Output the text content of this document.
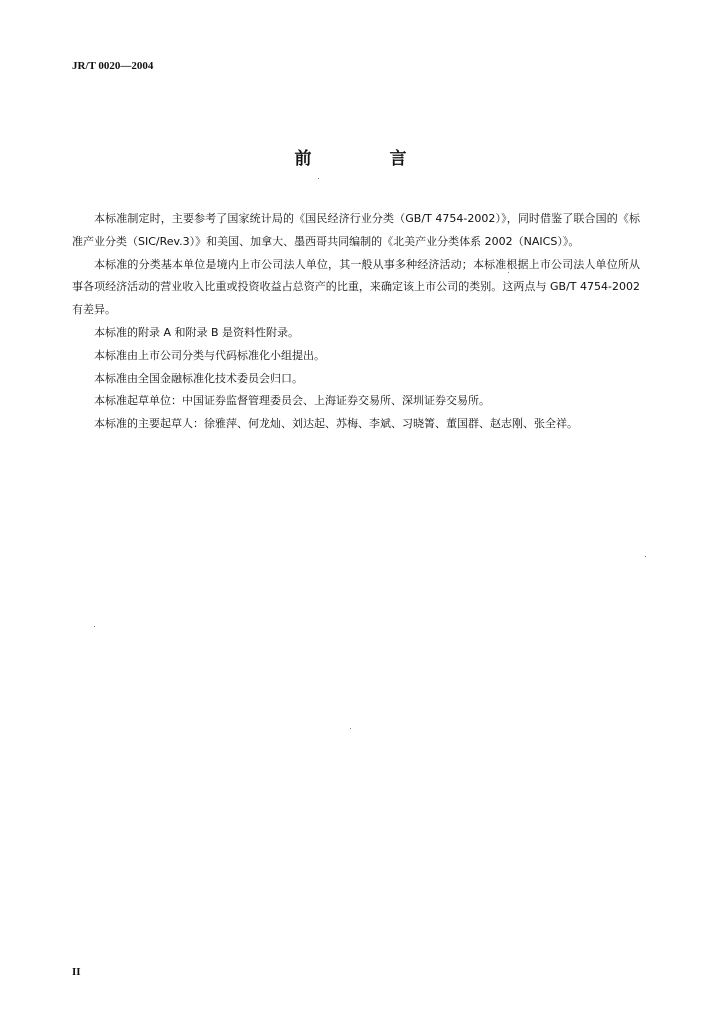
JR/T 0020—2004
前 言

本标准制定时，主要参考了国家统计局的《国民经济行业分类（GB/T 4754-2002）》，同时借鉴了联合国的《标准产业分类（SIC/Rev.3）》和美国、加拿大、墨西哥共同编制的《北美产业分类体系 2002（NAICS）》。

本标准的分类基本单位是境内上市公司法人单位，其一般从事多种经济活动；本标准根据上市公司法人单位所从事各项经济活动的营业收入比重或投资收益占总资产的比重，来确定该上市公司的类别。这两点与 GB/T 4754-2002 有差异。

本标准的附录 A 和附录 B 是资料性附录。

本标准由上市公司分类与代码标准化小组提出。

本标准由全国金融标准化技术委员会归口。

本标准起草单位：中国证券监督管理委员会、上海证券交易所、深圳证券交易所。

本标准的主要起草人：徐雅萍、何龙灿、刘达起、苏梅、李斌、习晓箐、董国群、赵志刚、张全祥。

II
